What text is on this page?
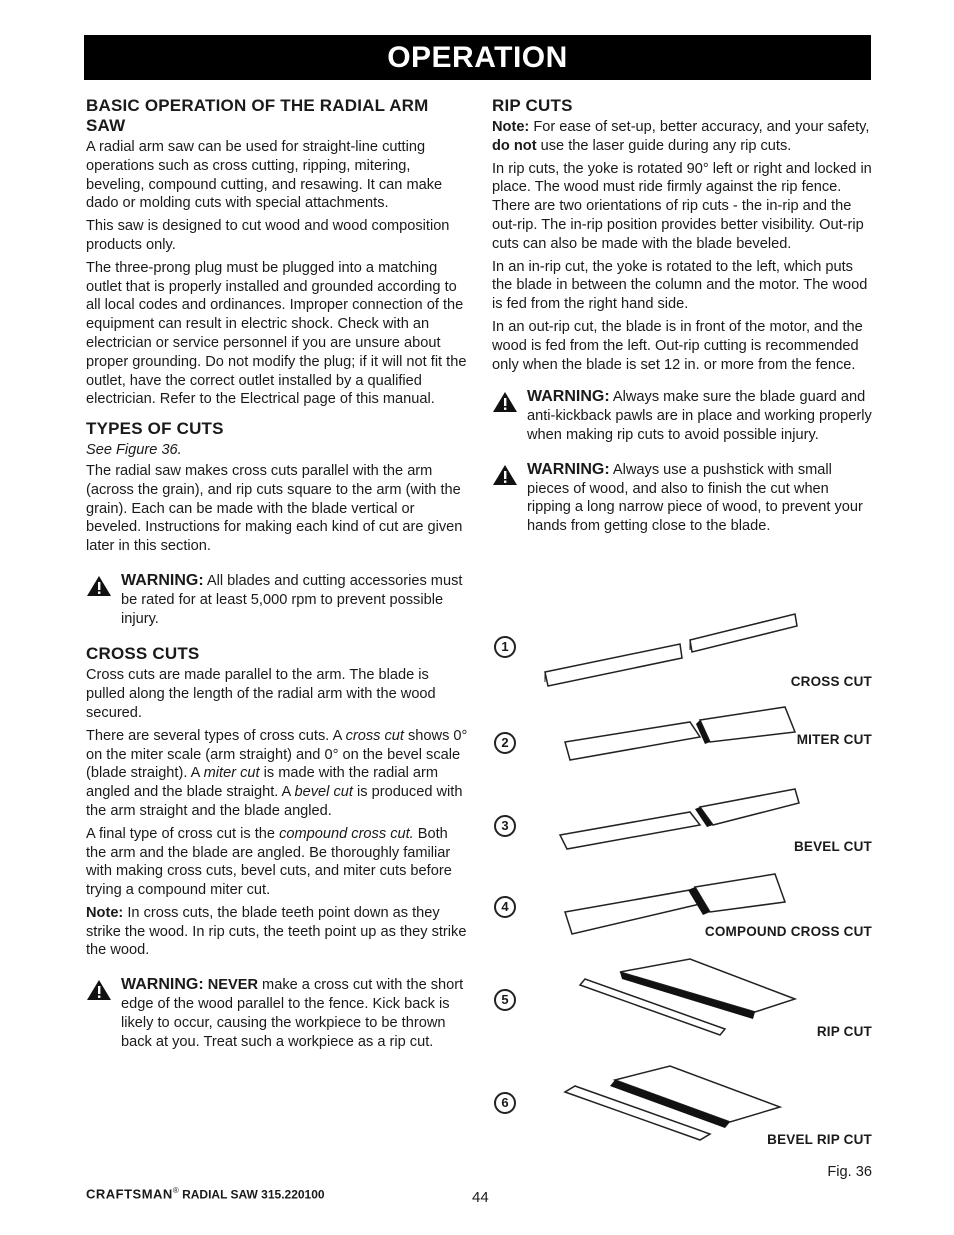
OPERATION
BASIC OPERATION OF THE RADIAL ARM SAW

A radial arm saw can be used for straight-line cutting operations such as cross cutting, ripping, mitering, beveling, compound cutting, and resawing. It can make dado or molding cuts with special attachments.

This saw is designed to cut wood and wood composition products only.

The three-prong plug must be plugged into a matching outlet that is properly installed and grounded according to all local codes and ordinances. Improper connection of the equipment can result in electric shock. Check with an electrician or service personnel if you are unsure about proper grounding. Do not modify the plug; if it will not fit the outlet, have the correct outlet installed by a qualified electrician. Refer to the Electrical page of this manual.

TYPES OF CUTS

See Figure 36.

The radial saw makes cross cuts parallel with the arm (across the grain), and rip cuts square to the arm (with the grain). Each can be made with the blade vertical or beveled. Instructions for making each kind of cut are given later in this section.

WARNING: All blades and cutting accessories must be rated for at least 5,000 rpm to prevent possible injury.
CROSS CUTS

Cross cuts are made parallel to the arm. The blade is pulled along the length of the radial arm with the wood secured.

There are several types of cross cuts. A cross cut shows 0° on the miter scale (arm straight) and 0° on the bevel scale (blade straight). A miter cut is made with the radial arm angled and the blade straight. A bevel cut is produced with the arm straight and the blade angled.

A final type of cross cut is the compound cross cut. Both the arm and the blade are angled. Be thoroughly familiar with making cross cuts, bevel cuts, and miter cuts before trying a compound miter cut.

Note: In cross cuts, the blade teeth point down as they strike the wood. In rip cuts, the teeth point up as they strike the wood.

WARNING: NEVER make a cross cut with the short edge of the wood parallel to the fence. Kick back is likely to occur, causing the workpiece to be thrown back at you. Treat such a workpiece as a rip cut.
RIP CUTS

Note: For ease of set-up, better accuracy, and your safety, do not use the laser guide during any rip cuts.

In rip cuts, the yoke is rotated 90° left or right and locked in place. The wood must ride firmly against the rip fence. There are two orientations of rip cuts - the in-rip and the out-rip. The in-rip position provides better visibility. Out-rip cuts can also be made with the blade beveled.

In an in-rip cut, the yoke is rotated to the left, which puts the blade in between the column and the motor. The wood is fed from the right hand side.

In an out-rip cut, the blade is in front of the motor, and the wood is fed from the left. Out-rip cutting is recommended only when the blade is set 12 in. or more from the fence.

WARNING: Always make sure the blade guard and anti-kickback pawls are in place and working properly when making rip cuts to avoid possible injury.
WARNING: Always use a pushstick with small pieces of wood, and also to finish the cut when ripping a long narrow piece of wood, to prevent your hands from getting close to the blade.
1
CROSS CUT
2	MITER CUT
3
BEVEL CUT
4
COMPOUND CROSS CUT
5
RIP CUT
6
BEVEL RIP CUT
Fig. 36
CRAFTSMAN® RADIAL SAW 315.220100	44
